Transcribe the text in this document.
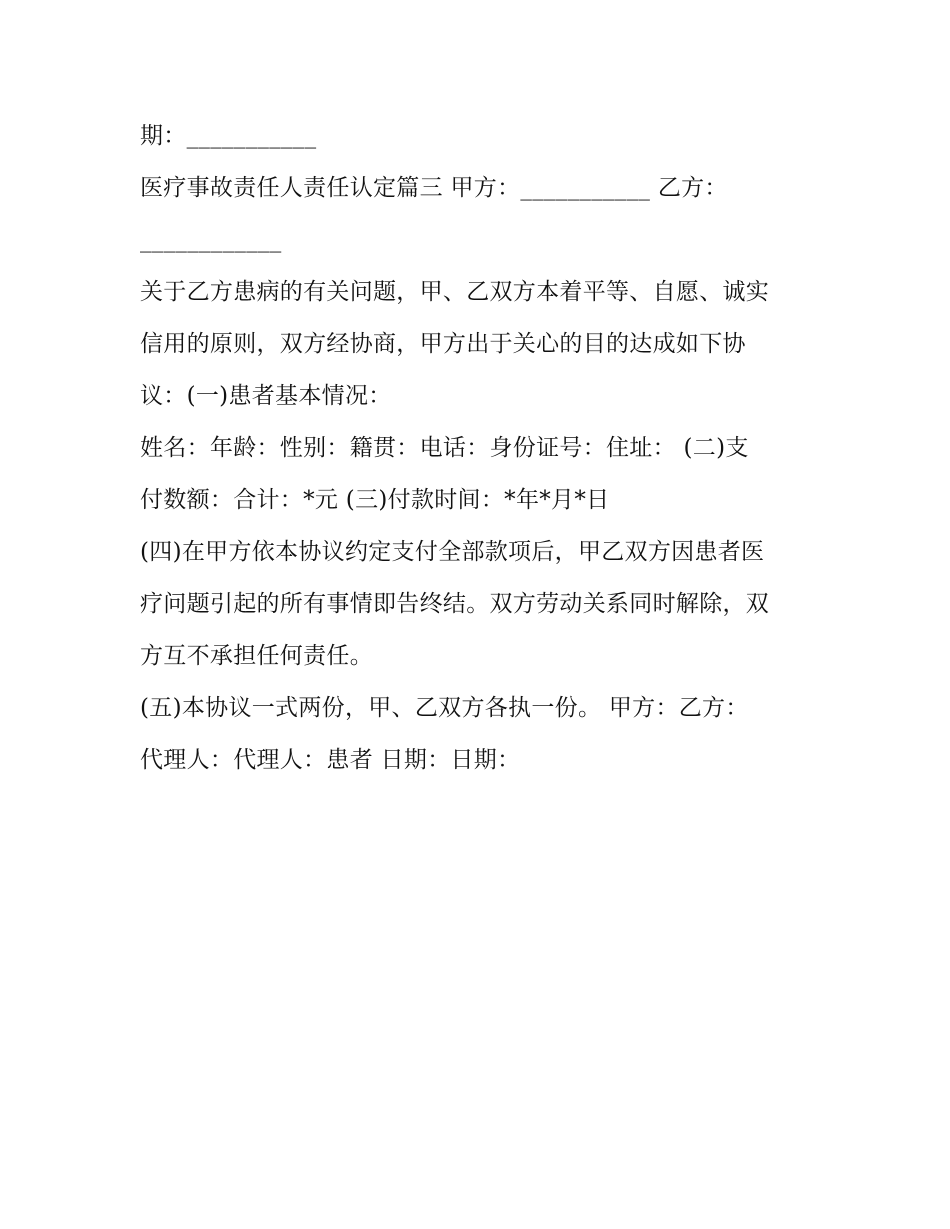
期：___________
医疗事故责任人责任认定篇三 甲方：___________ 乙方：
____________
关于乙方患病的有关问题，甲、乙双方本着平等、自愿、诚实
信用的原则，双方经协商，甲方出于关心的目的达成如下协
议：(一)患者基本情况：
姓名：年龄：性别：籍贯：电话：身份证号：住址： (二)支
付数额：合计：*元 (三)付款时间：*年*月*日
(四)在甲方依本协议约定支付全部款项后，甲乙双方因患者医
疗问题引起的所有事情即告终结。双方劳动关系同时解除，双
方互不承担任何责任。
(五)本协议一式两份，甲、乙双方各执一份。 甲方：乙方：
代理人：代理人：患者 日期：日期：
